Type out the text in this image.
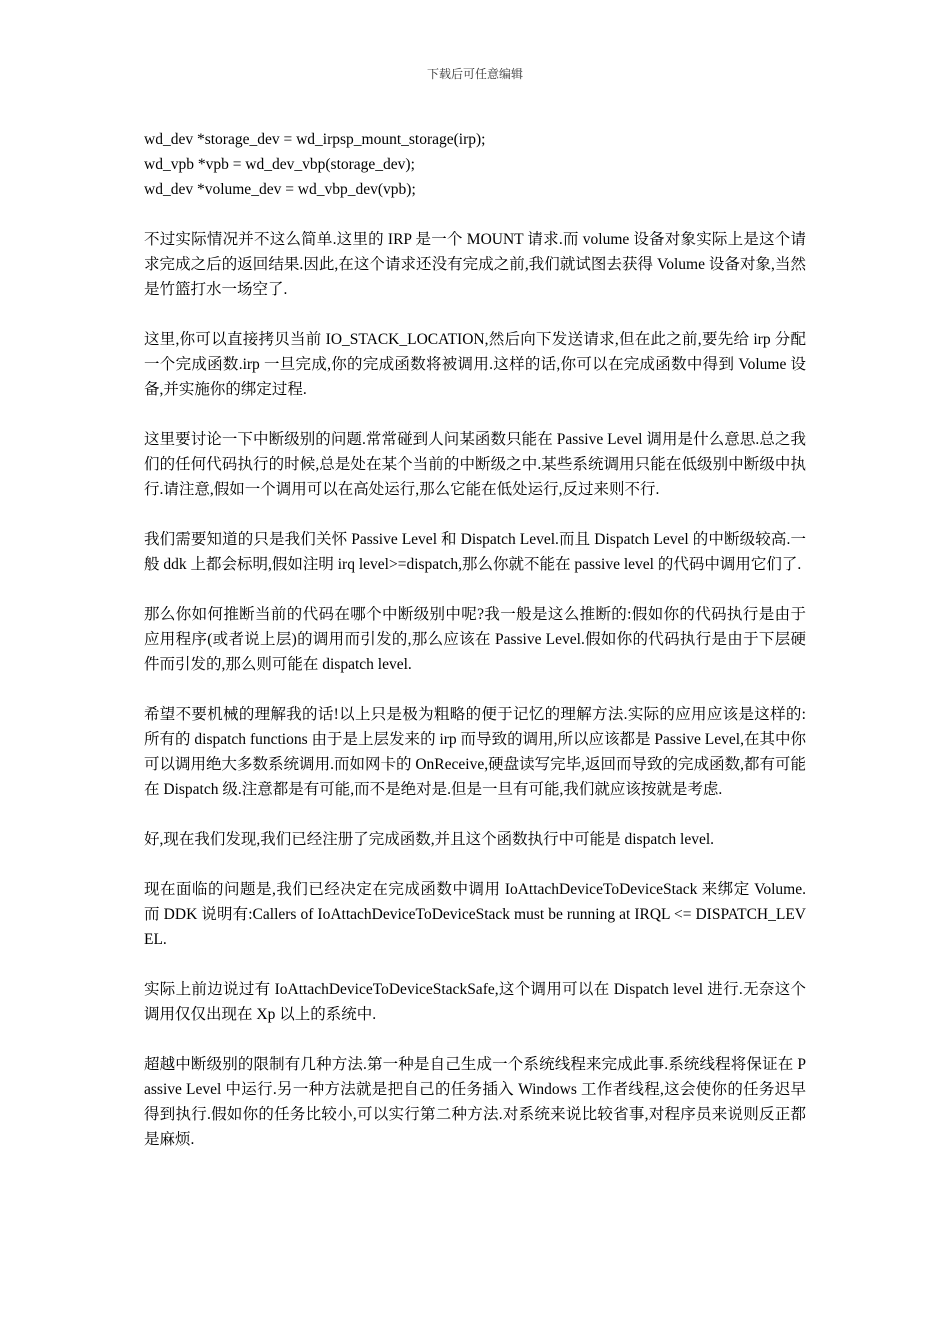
下载后可任意编辑
wd_dev *storage_dev = wd_irpsp_mount_storage(irp);
wd_vpb *vpb = wd_dev_vbp(storage_dev);
wd_dev *volume_dev = wd_vbp_dev(vpb);

不过实际情况并不这么简单.这里的 IRP 是一个 MOUNT 请求.而 volume 设备对象实际上是这个请求完成之后的返回结果.因此,在这个请求还没有完成之前,我们就试图去获得 Volume 设备对象,当然是竹篮打水一场空了.

这里,你可以直接拷贝当前 IO_STACK_LOCATION,然后向下发送请求,但在此之前,要先给 irp 分配一个完成函数.irp 一旦完成,你的完成函数将被调用.这样的话,你可以在完成函数中得到 Volume 设备,并实施你的绑定过程.

这里要讨论一下中断级别的问题.常常碰到人问某函数只能在 Passive Level 调用是什么意思.总之我们的任何代码执行的时候,总是处在某个当前的中断级之中.某些系统调用只能在低级别中断级中执行.请注意,假如一个调用可以在高处运行,那么它能在低处运行,反过来则不行.

我们需要知道的只是我们关怀 Passive Level 和 Dispatch Level.而且 Dispatch Level 的中断级较高.一般 ddk 上都会标明,假如注明 irq level>=dispatch,那么你就不能在 passive level 的代码中调用它们了.

那么你如何推断当前的代码在哪个中断级别中呢?我一般是这么推断的:假如你的代码执行是由于应用程序(或者说上层)的调用而引发的,那么应该在 Passive Level.假如你的代码执行是由于下层硬件而引发的,那么则可能在 dispatch level.

希望不要机械的理解我的话!以上只是极为粗略的便于记忆的理解方法.实际的应用应该是这样的:所有的 dispatch functions 由于是上层发来的 irp 而导致的调用,所以应该都是 Passive Level,在其中你可以调用绝大多数系统调用.而如网卡的 OnReceive,硬盘读写完毕,返回而导致的完成函数,都有可能在 Dispatch 级.注意都是有可能,而不是绝对是.但是一旦有可能,我们就应该按就是考虑.

好,现在我们发现,我们已经注册了完成函数,并且这个函数执行中可能是 dispatch level.

现在面临的问题是,我们已经决定在完成函数中调用 IoAttachDeviceToDeviceStack 来绑定 Volume.而 DDK 说明有:Callers of IoAttachDeviceToDeviceStack must be running at IRQL <= DISPATCH_LEVEL.

实际上前边说过有 IoAttachDeviceToDeviceStackSafe,这个调用可以在 Dispatch level 进行.无奈这个调用仅仅出现在 Xp 以上的系统中.

超越中断级别的限制有几种方法.第一种是自己生成一个系统线程来完成此事.系统线程将保证在 Passive Level 中运行.另一种方法就是把自己的任务插入 Windows 工作者线程,这会使你的任务迟早得到执行.假如你的任务比较小,可以实行第二种方法.对系统来说比较省事,对程序员来说则反正都是麻烦.
